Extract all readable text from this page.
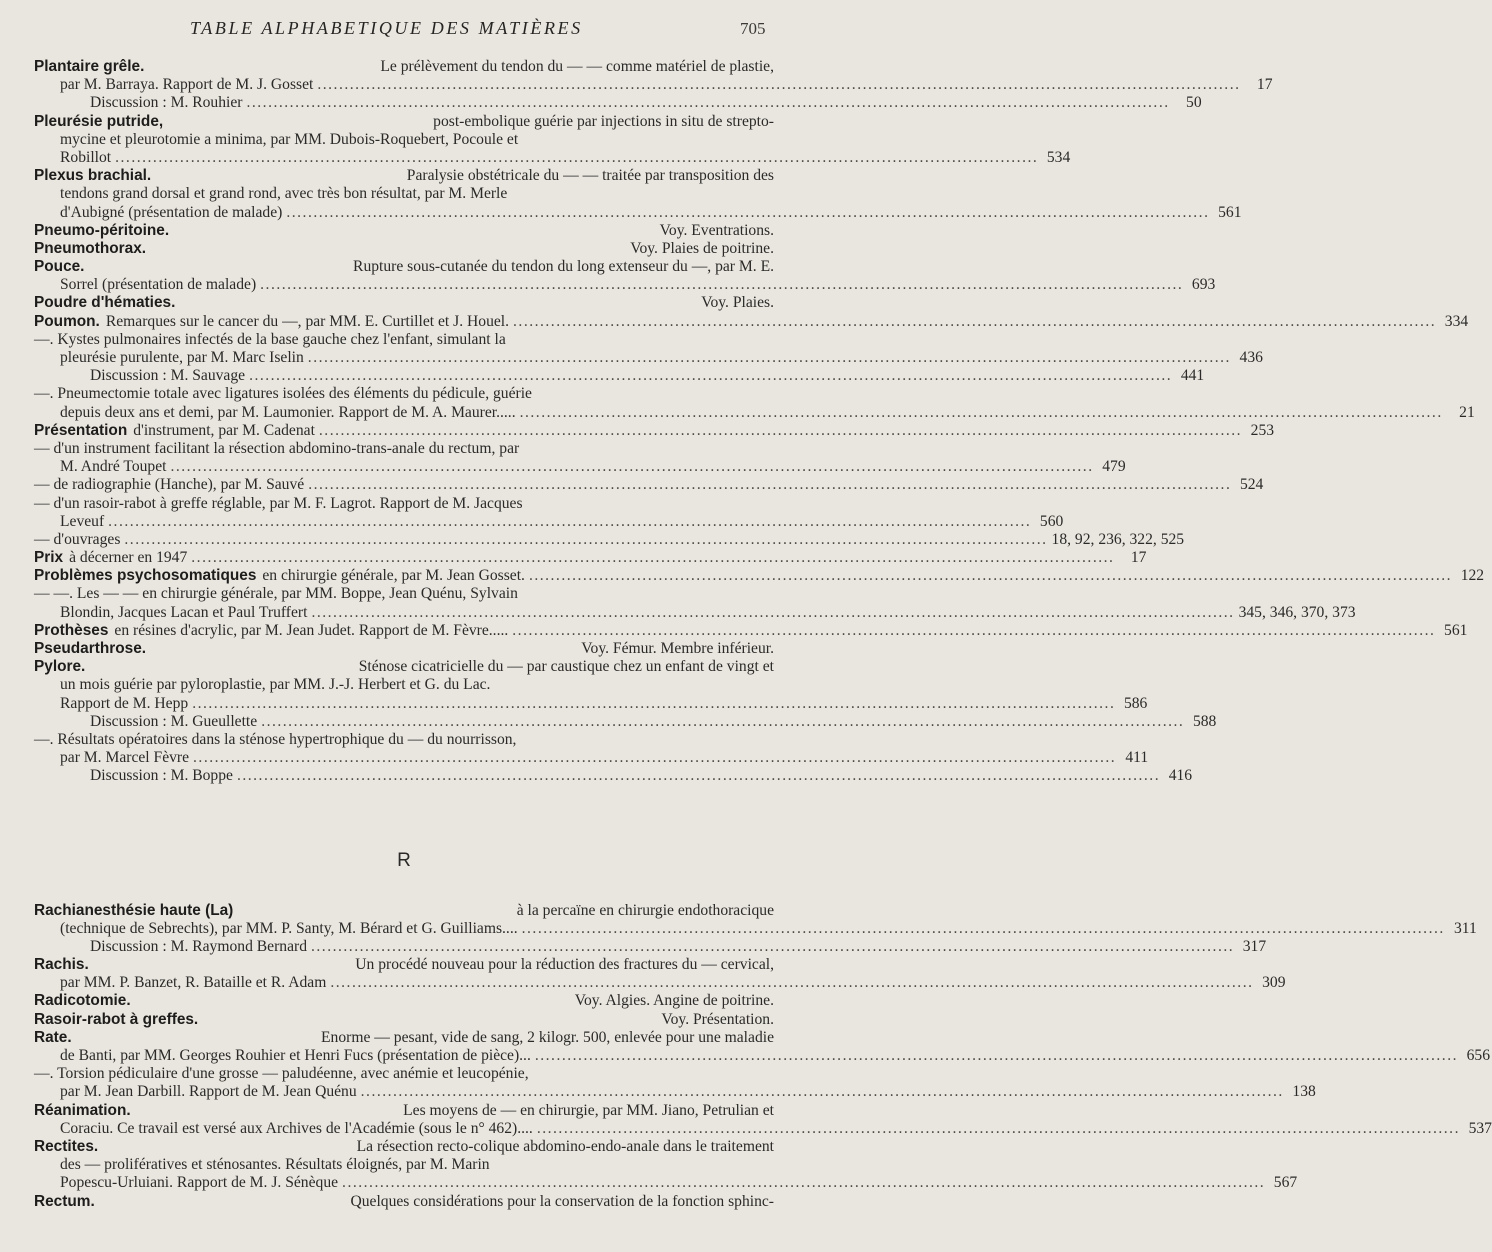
TABLE ALPHABETIQUE DES MATIÈRES	705
Plantaire grêle.	Le prélèvement du tendon du — — comme matériel de plastie,
par M. Barraya. Rapport de M. J. Gosset .....	17
Discussion : M. Rouhier .....	50
Pleurésie putride,	post-embolique guérie par injections in situ de strepto-
mycine et pleurotomie a minima, par MM. Dubois-Roquebert, Pocoule et
Robillot .....	534
Plexus brachial.	Paralysie obstétricale du — — traitée par transposition des
tendons grand dorsal et grand rond, avec très bon résultat, par M. Merle
d'Aubigné (présentation de malade) .....	561
Pneumo-péritoine.	Voy. Eventrations.
Pneumothorax.	Voy. Plaies de poitrine.
Pouce.	Rupture sous-cutanée du tendon du long extenseur du —, par M. E.
Sorrel (présentation de malade) .....	693
Poudre d'hématies.	Voy. Plaies.
Poumon. Remarques sur le cancer du —, par MM. E. Curtillet et J. Houel. .....	334
—. Kystes pulmonaires infectés de la base gauche chez l'enfant, simulant la
pleurésie purulente, par M. Marc Iselin .....	436
Discussion : M. Sauvage .....	441
—. Pneumectomie totale avec ligatures isolées des éléments du pédicule, guérie
depuis deux ans et demi, par M. Laumonier. Rapport de M. A. Maurer..... .....	21
Présentation d'instrument, par M. Cadenat .....	253
— d'un instrument facilitant la résection abdomino-trans-anale du rectum, par
M. André Toupet .....	479
— de radiographie (Hanche), par M. Sauvé .....	524
— d'un rasoir-rabot à greffe réglable, par M. F. Lagrot. Rapport de M. Jacques
Leveuf .....	560
— d'ouvrages .....	18, 92, 236, 322, 525
Prix à décerner en 1947 .....	17
Problèmes psychosomatiques en chirurgie générale, par M. Jean Gosset. .....	122
— —. Les — — en chirurgie générale, par MM. Boppe, Jean Quénu, Sylvain
Blondin, Jacques Lacan et Paul Truffert .....	345, 346, 370, 373
Prothèses en résines d'acrylic, par M. Jean Judet. Rapport de M. Fèvre..... .....	561
Pseudarthrose.	Voy. Fémur. Membre inférieur.
Pylore.	Sténose cicatricielle du — par caustique chez un enfant de vingt et
un mois guérie par pyloroplastie, par MM. J.-J. Herbert et G. du Lac.
Rapport de M. Hepp .....	586
Discussion : M. Gueullette .....	588
—. Résultats opératoires dans la sténose hypertrophique du — du nourrisson,
par M. Marcel Fèvre .....	411
Discussion : M. Boppe .....	416
R
Rachianesthésie haute (La)	à la percaïne en chirurgie endothoracique
(technique de Sebrechts), par MM. P. Santy, M. Bérard et G. Guilliams.... .....	311
Discussion : M. Raymond Bernard .....	317
Rachis.	Un procédé nouveau pour la réduction des fractures du — cervical,
par MM. P. Banzet, R. Bataille et R. Adam .....	309
Radicotomie.	Voy. Algies. Angine de poitrine.
Rasoir-rabot à greffes.	Voy. Présentation.
Rate.	Enorme — pesant, vide de sang, 2 kilogr. 500, enlevée pour une maladie
de Banti, par MM. Georges Rouhier et Henri Fucs (présentation de pièce)... .....	656
—. Torsion pédiculaire d'une grosse — paludéenne, avec anémie et leucopénie,
par M. Jean Darbill. Rapport de M. Jean Quénu .....	138
Réanimation.	Les moyens de — en chirurgie, par MM. Jiano, Petrulian et
Coraciu. Ce travail est versé aux Archives de l'Académie (sous le n° 462).... .....	537
Rectites.	La résection recto-colique abdomino-endo-anale dans le traitement
des — prolifératives et sténosantes. Résultats éloignés, par M. Marin
Popescu-Urluiani. Rapport de M. J. Sénèque .....	567
Rectum.	Quelques considérations pour la conservation de la fonction sphinc-
